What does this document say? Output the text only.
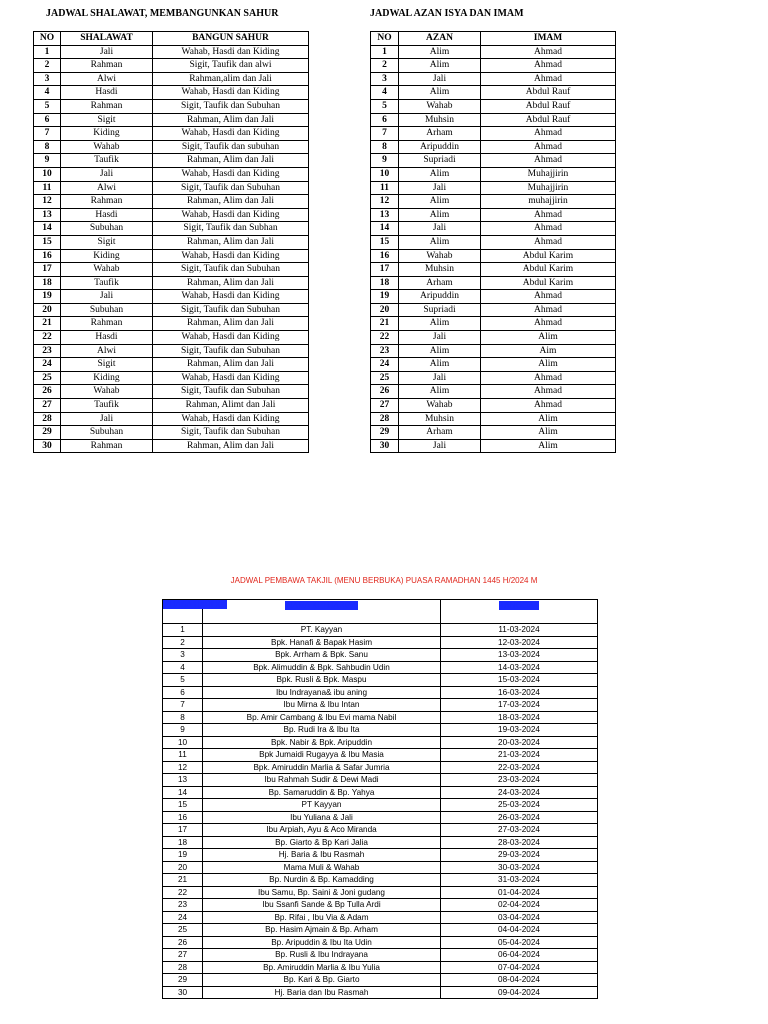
JADWAL SHALAWAT, MEMBANGUNKAN SAHUR	JADWAL AZAN ISYA DAN IMAM
NO	SHALAWAT	BANGUN SAHUR
1	Jali	Wahab, Hasdi dan Kiding
2	Rahman	Sigit, Taufik dan alwi
3	Alwi	Rahman,alim dan Jali
4	Hasdi	Wahab, Hasdi dan Kiding
5	Rahman	Sigit, Taufik dan Subuhan
6	Sigit	Rahman, Alim dan Jali
7	Kiding	Wahab, Hasdi dan Kiding
8	Wahab	Sigit, Taufik dan subuhan
9	Taufik	Rahman, Alim dan Jali
10	Jali	Wahab, Hasdi dan Kiding
11	Alwi	Sigit, Taufik dan Subuhan
12	Rahman	Rahman, Alim dan Jali
13	Hasdi	Wahab, Hasdi dan Kiding
14	Subuhan	Sigit, Taufik dan Subhan
15	Sigit	Rahman, Alim dan Jali
16	Kiding	Wahab, Hasdi dan Kiding
17	Wahab	Sigit, Taufik dan Subuhan
18	Taufik	Rahman, Alim dan Jali
19	Jali	Wahab, Hasdi dan Kiding
20	Subuhan	Sigit, Taufik dan Subuhan
21	Rahman	Rahman, Alim dan Jali
22	Hasdi	Wahab, Hasdi dan Kiding
23	Alwi	Sigit, Taufik dan Subuhan
24	Sigit	Rahman, Alim dan Jali
25	Kiding	Wahab, Hasdi dan Kiding
26	Wahab	Sigit, Taufik dan Subuhan
27	Taufik	Rahman, Alimt dan Jali
28	Jali	Wahab, Hasdi dan Kiding
29	Subuhan	Sigit, Taufik dan Subuhan
30	Rahman	Rahman, Alim dan Jali
NO	AZAN	IMAM
1	Alim	Ahmad
2	Alim	Ahmad
3	Jali	Ahmad
4	Alim	Abdul Rauf
5	Wahab	Abdul Rauf
6	Muhsin	Abdul Rauf
7	Arham	Ahmad
8	Aripuddin	Ahmad
9	Supriadi	Ahmad
10	Alim	Muhajjirin
11	Jali	Muhajjirin
12	Alim	muhajjirin
13	Alim	Ahmad
14	Jali	Ahmad
15	Alim	Ahmad
16	Wahab	Abdul Karim
17	Muhsin	Abdul Karim
18	Arham	Abdul Karim
19	Aripuddin	Ahmad
20	Supriadi	Ahmad
21	Alim	Ahmad
22	Jali	Alim
23	Alim	Aim
24	Alim	Alim
25	Jali	Ahmad
26	Alim	Ahmad
27	Wahab	Ahmad
28	Muhsin	Alim
29	Arham	Alim
30	Jali	Alim
JADWAL PEMBAWA TAKJIL (MENU BERBUKA) PUASA RAMADHAN 1445 H/2024 M
PUASA HARI KE	NAMA KELUARGA	TANGGAL
1	PT. Kayyan	11-03-2024
2	Bpk. Hanafi & Bapak Hasim	12-03-2024
3	Bpk. Arrham & Bpk. Sanu	13-03-2024
4	Bpk. Alimuddin & Bpk. Sahbudin Udin	14-03-2024
5	Bpk. Rusli & Bpk. Maspu	15-03-2024
6	Ibu Indrayana& ibu aning	16-03-2024
7	Ibu Mirna & Ibu Intan	17-03-2024
8	Bp. Amir Cambang & Ibu Evi mama Nabil	18-03-2024
9	Bp. Rudi Ira & Ibu Ita	19-03-2024
10	Bpk. Nabir & Bpk. Aripuddin	20-03-2024
11	Bpk Jumaidi Rugayya & Ibu Masia	21-03-2024
12	Bpk. Amiruddin Marlia & Safar Jumria	22-03-2024
13	Ibu Rahmah Sudir & Dewi Madi	23-03-2024
14	Bp. Samaruddin & Bp. Yahya	24-03-2024
15	PT Kayyan	25-03-2024
16	Ibu Yuliana & Jali	26-03-2024
17	Ibu Arpiah, Ayu & Aco Miranda	27-03-2024
18	Bp. Giarto & Bp Kari Jalia	28-03-2024
19	Hj. Baria & Ibu Rasmah	29-03-2024
20	Mama Muli & Wahab	30-03-2024
21	Bp. Nurdin & Bp. Kamadding	31-03-2024
22	Ibu Samu, Bp. Saini & Joni gudang	01-04-2024
23	Ibu Ssanfi Sande & Bp Tulla Ardi	02-04-2024
24	Bp. Rifai , Ibu Via & Adam	03-04-2024
25	Bp. Hasim Ajmain & Bp. Arham	04-04-2024
26	Bp. Aripuddin & Ibu Ita Udin	05-04-2024
27	Bp. Rusli & Ibu Indrayana	06-04-2024
28	Bp. Amiruddin Marlia & Ibu Yulia	07-04-2024
29	Bp. Kari & Bp. Giarto	08-04-2024
30	Hj. Baria dan Ibu Rasmah	09-04-2024
